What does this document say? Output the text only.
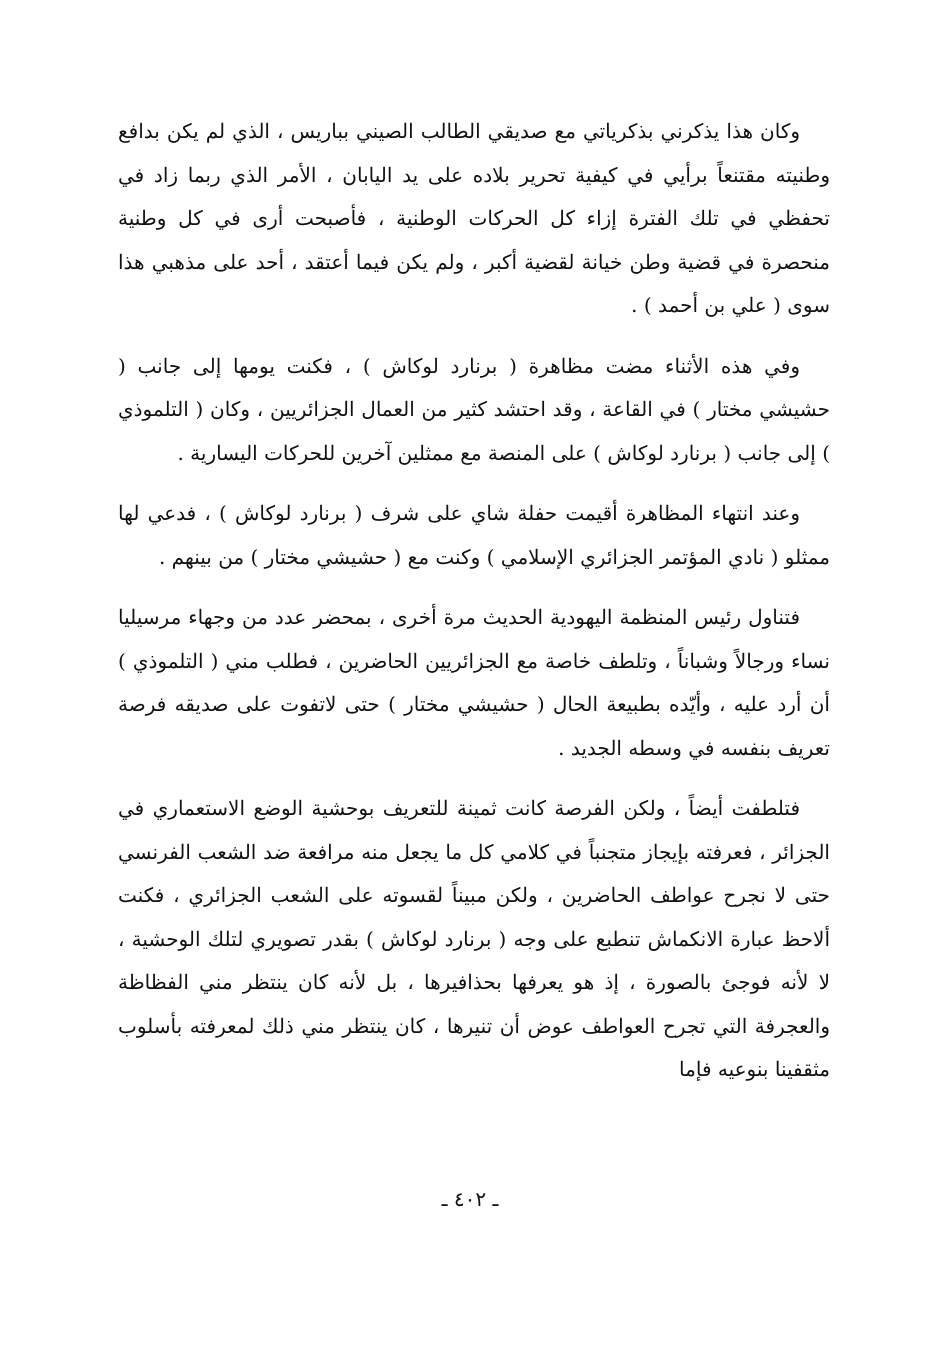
وكان هذا يذكرني بذكرياتي مع صديقي الطالب الصيني بباريس ، الذي لم يكن بدافع وطنيته مقتنعاً برأيي في كيفية تحرير بلاده على يد اليابان ، الأمر الذي ربما زاد في تحفظي في تلك الفترة إزاء كل الحركات الوطنية ، فأصبحت أرى في كل وطنية منحصرة في قضية وطن خيانة لقضية أكبر ، ولم يكن فيما أعتقد ، أحد على مذهبي هذا سوى ( علي بن أحمد ) .

وفي هذه الأثناء مضت مظاهرة ( برنارد لوكاش ) ، فكنت يومها إلى جانب ( حشيشي مختار ) في القاعة ، وقد احتشد كثير من العمال الجزائريين ، وكان ( التلموذي ) إلى جانب ( برنارد لوكاش ) على المنصة مع ممثلين آخرين للحركات اليسارية .

وعند انتهاء المظاهرة أقيمت حفلة شاي على شرف ( برنارد لوكاش ) ، فدعي لها ممثلو ( نادي المؤتمر الجزائري الإسلامي ) وكنت مع ( حشيشي مختار ) من بينهم .

فتناول رئيس المنظمة اليهودية الحديث مرة أخرى ، بمحضر عدد من وجهاء مرسيليا نساء ورجالاً وشباناً ، وتلطف خاصة مع الجزائريين الحاضرين ، فطلب مني ( التلموذي ) أن أرد عليه ، وأيّده بطبيعة الحال ( حشيشي مختار ) حتى لاتفوت على صديقه فرصة تعريف بنفسه في وسطه الجديد .

فتلطفت أيضاً ، ولكن الفرصة كانت ثمينة للتعريف بوحشية الوضع الاستعماري في الجزائر ، فعرفته بإيجاز متجنباً في كلامي كل ما يجعل منه مرافعة ضد الشعب الفرنسي حتى لا نجرح عواطف الحاضرين ، ولكن مبيناً لقسوته على الشعب الجزائري ، فكنت ألاحظ عبارة الانكماش تنطبع على وجه ( برنارد لوكاش ) بقدر تصويري لتلك الوحشية ، لا لأنه فوجئ بالصورة ، إذ هو يعرفها بحذافيرها ، بل لأنه كان ينتظر مني الفظاظة والعجرفة التي تجرح العواطف عوض أن تنيرها ، كان ينتظر مني ذلك لمعرفته بأسلوب مثقفينا بنوعيه فإما

ـ ٤٠٢ ـ
